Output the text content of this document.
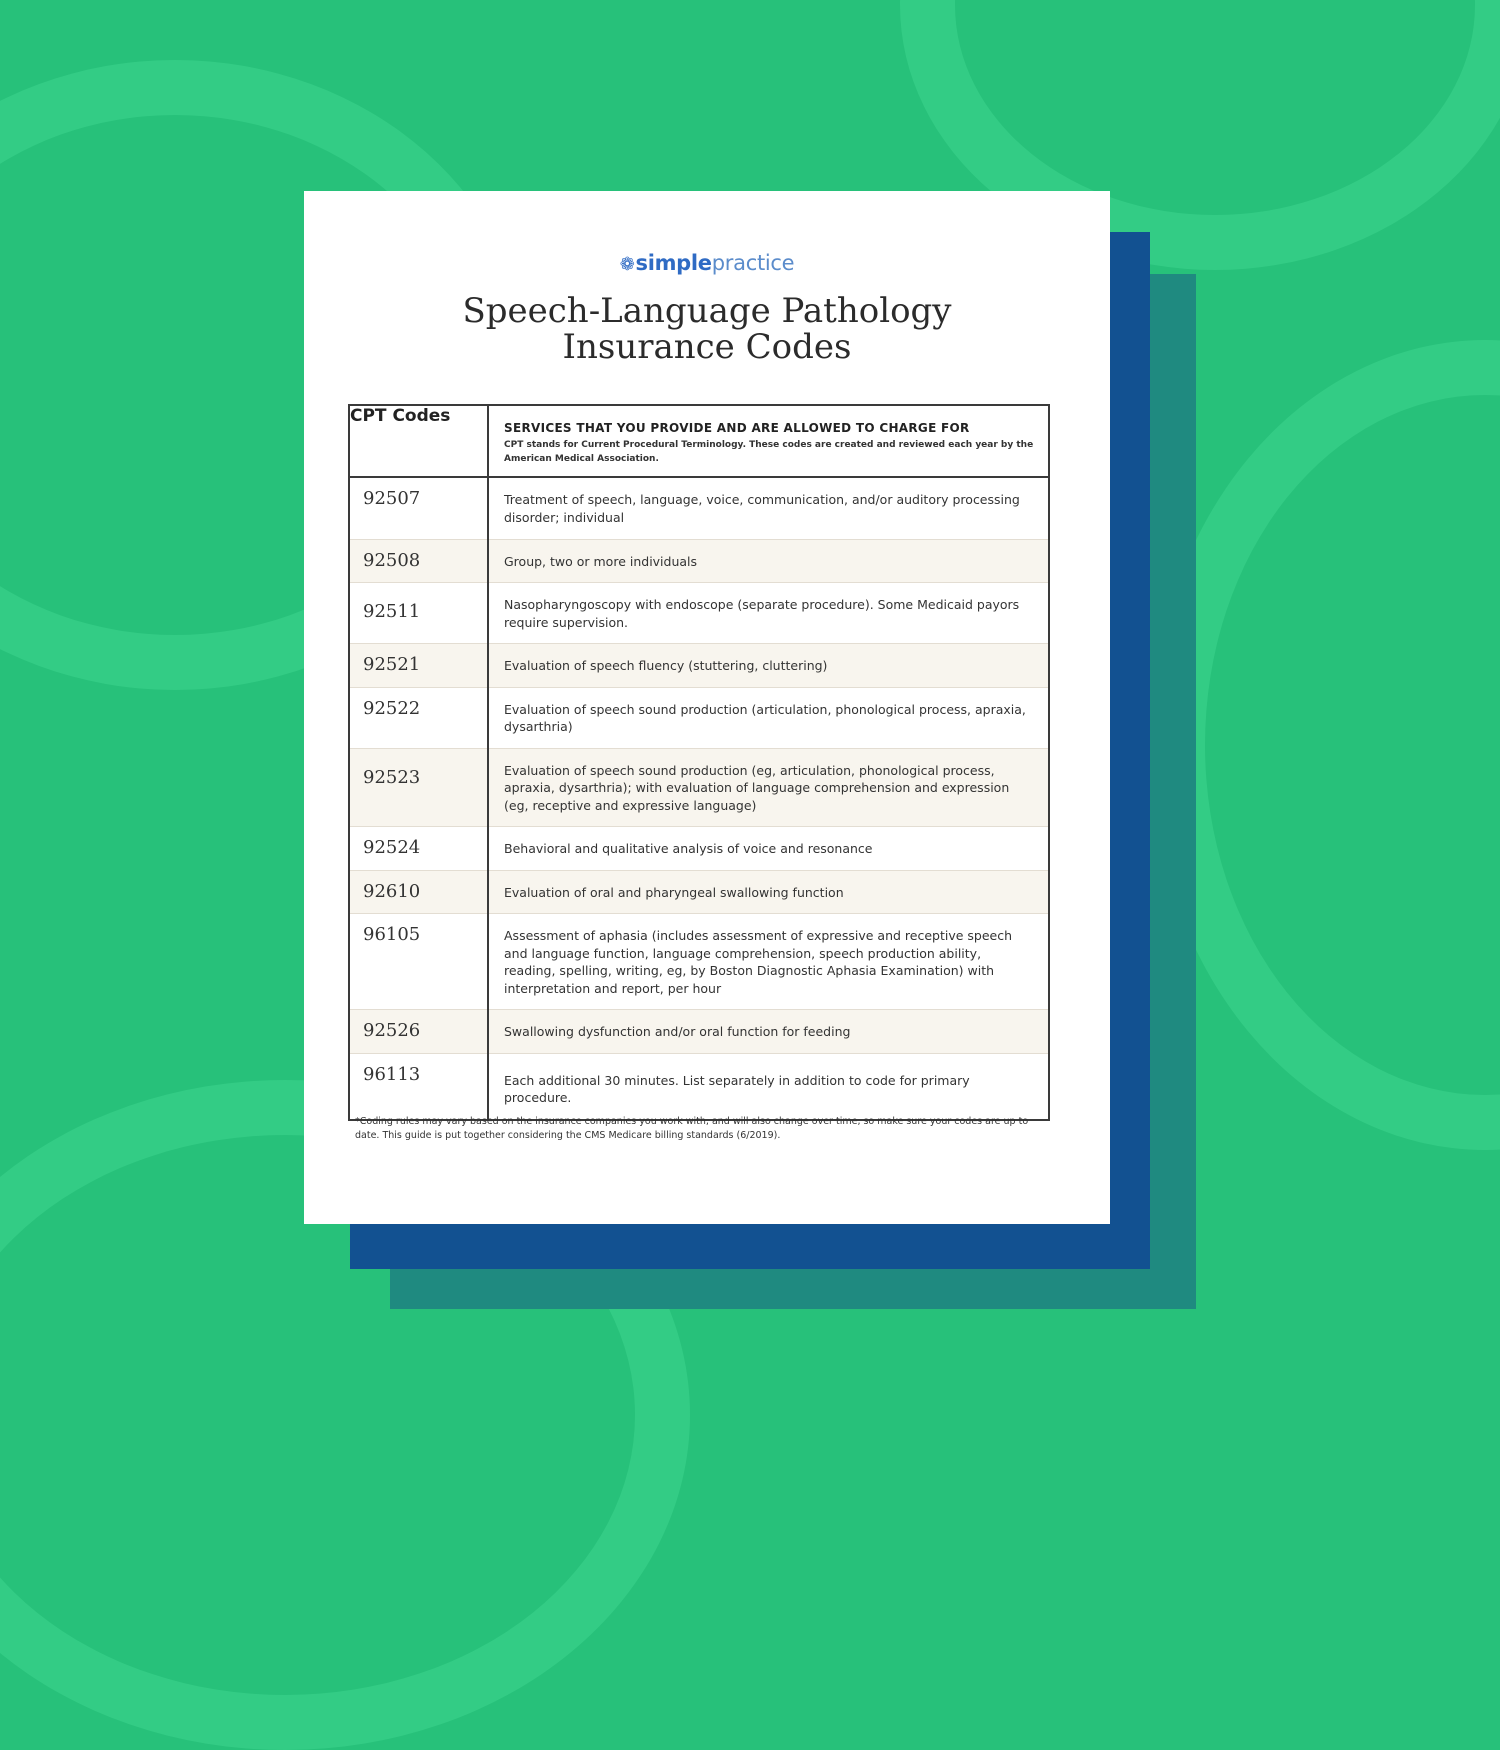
❁simplepractice
Speech-Language Pathology
Insurance Codes
CPT Codes	SERVICES THAT YOU PROVIDE AND ARE ALLOWED TO CHARGE FOR
CPT stands for Current Procedural Terminology. These codes are created and reviewed each year by the American Medical Association.

92507	Treatment of speech, language, voice, communication, and/or auditory processing disorder; individual
92508	Group, two or more individuals
92511	Nasopharyngoscopy with endoscope (separate procedure). Some Medicaid payors require supervision.
92521	Evaluation of speech fluency (stuttering, cluttering)
92522	Evaluation of speech sound production (articulation, phonological process, apraxia, dysarthria)
92523	Evaluation of speech sound production (eg, articulation, phonological process, apraxia, dysarthria); with evaluation of language comprehension and expression (eg, receptive and expressive language)
92524	Behavioral and qualitative analysis of voice and resonance
92610	Evaluation of oral and pharyngeal swallowing function
96105	Assessment of aphasia (includes assessment of expressive and receptive speech and language function, language comprehension, speech production ability, reading, spelling, writing, eg, by Boston Diagnostic Aphasia Examination) with interpretation and report, per hour
92526	Swallowing dysfunction and/or oral function for feeding
96113	Each additional 30 minutes. List separately in addition to code for primary procedure.
*Coding rules may vary based on the insurance companies you work with, and will also change over time, so make sure your codes are up to date. This guide is put together considering the CMS Medicare billing standards (6/2019).
